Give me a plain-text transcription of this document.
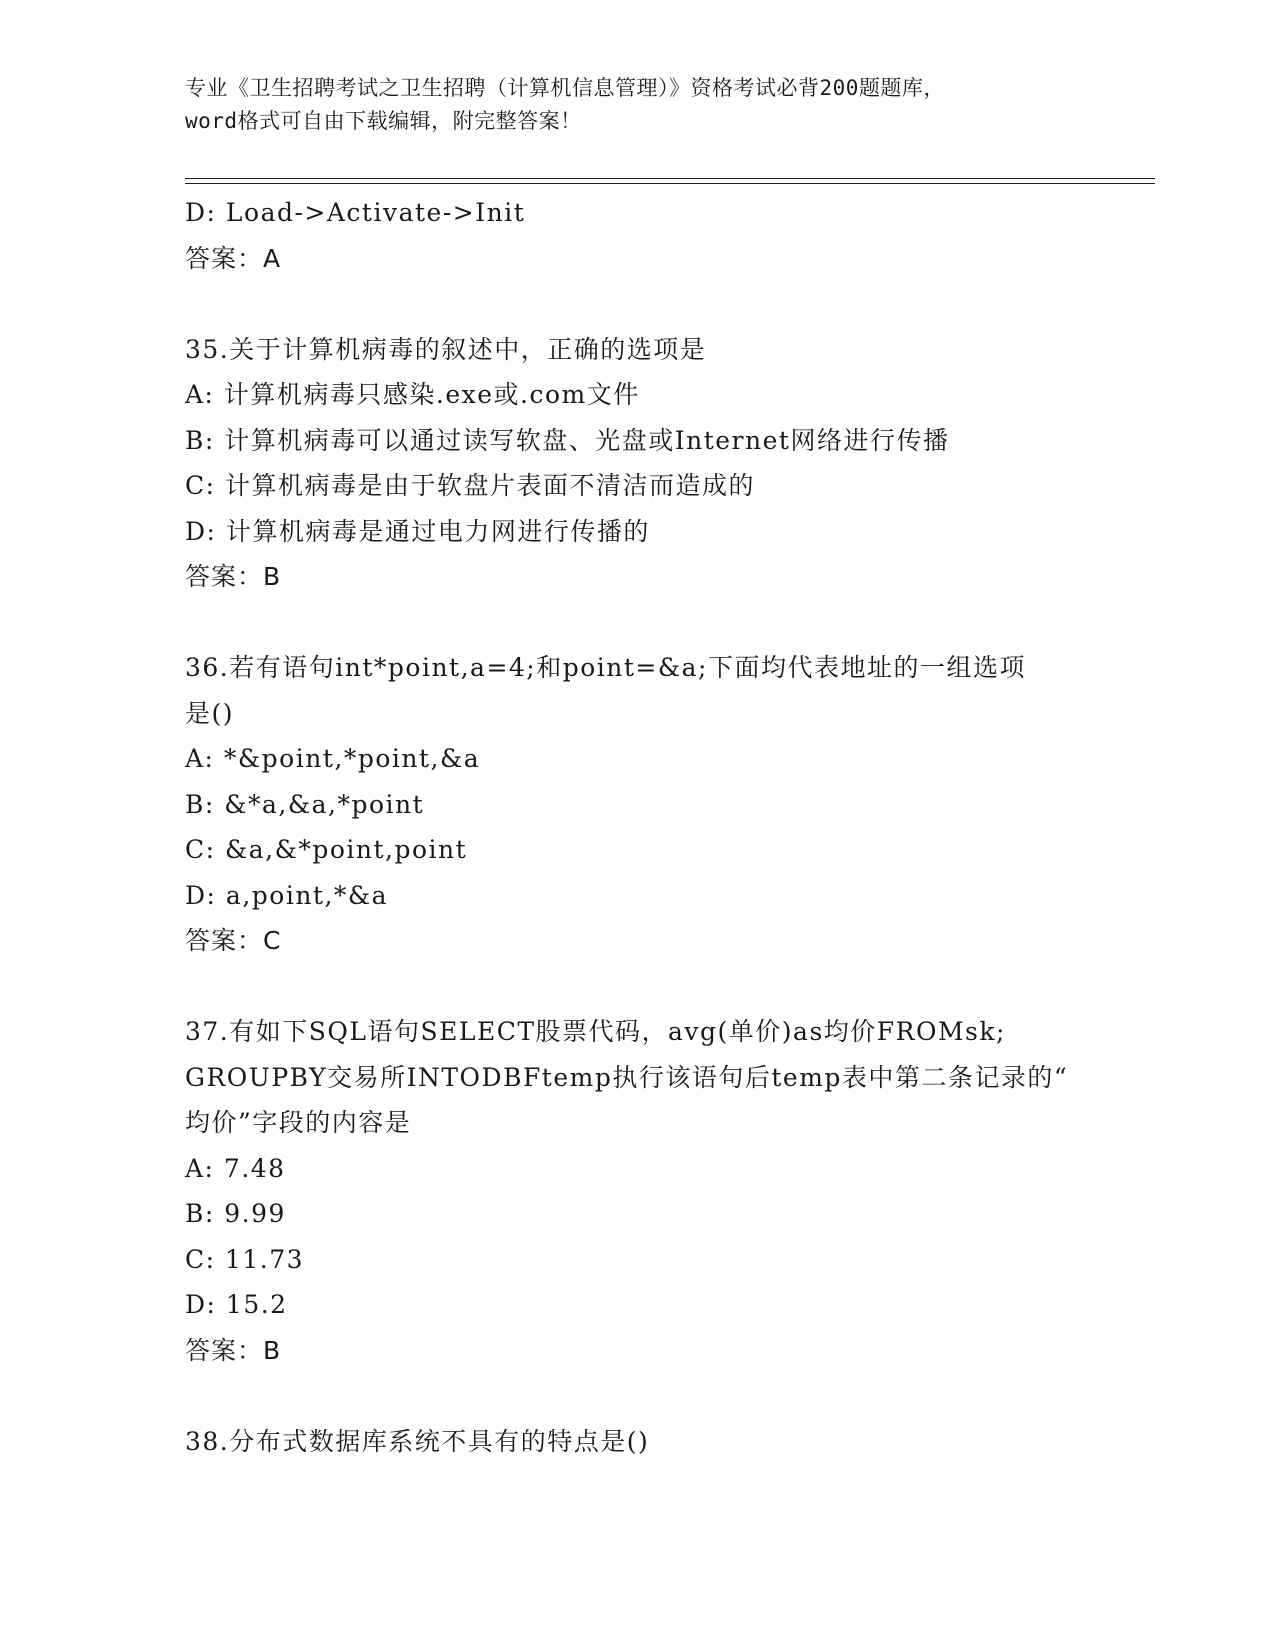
专业《卫生招聘考试之卫生招聘（计算机信息管理）》资格考试必背200题题库，
word格式可自由下载编辑，附完整答案！
D: Load->Activate->Init
答案：A
35.关于计算机病毒的叙述中，正确的选项是
A: 计算机病毒只感染.exe或.com文件
B: 计算机病毒可以通过读写软盘、光盘或Internet网络进行传播
C: 计算机病毒是由于软盘片表面不清洁而造成的
D: 计算机病毒是通过电力网进行传播的
答案：B
36.若有语句int*point,a=4;和point=&a;下面均代表地址的一组选项
是()
A: *&point,*point,&a
B: &*a,&a,*point
C: &a,&*point,point
D: a,point,*&a
答案：C
37.有如下SQL语句SELECT股票代码，avg(单价)as均价FROMsk;
GROUPBY交易所INTODBFtemp执行该语句后temp表中第二条记录的“
均价”字段的内容是
A: 7.48
B: 9.99
C: 11.73
D: 15.2
答案：B
38.分布式数据库系统不具有的特点是()
